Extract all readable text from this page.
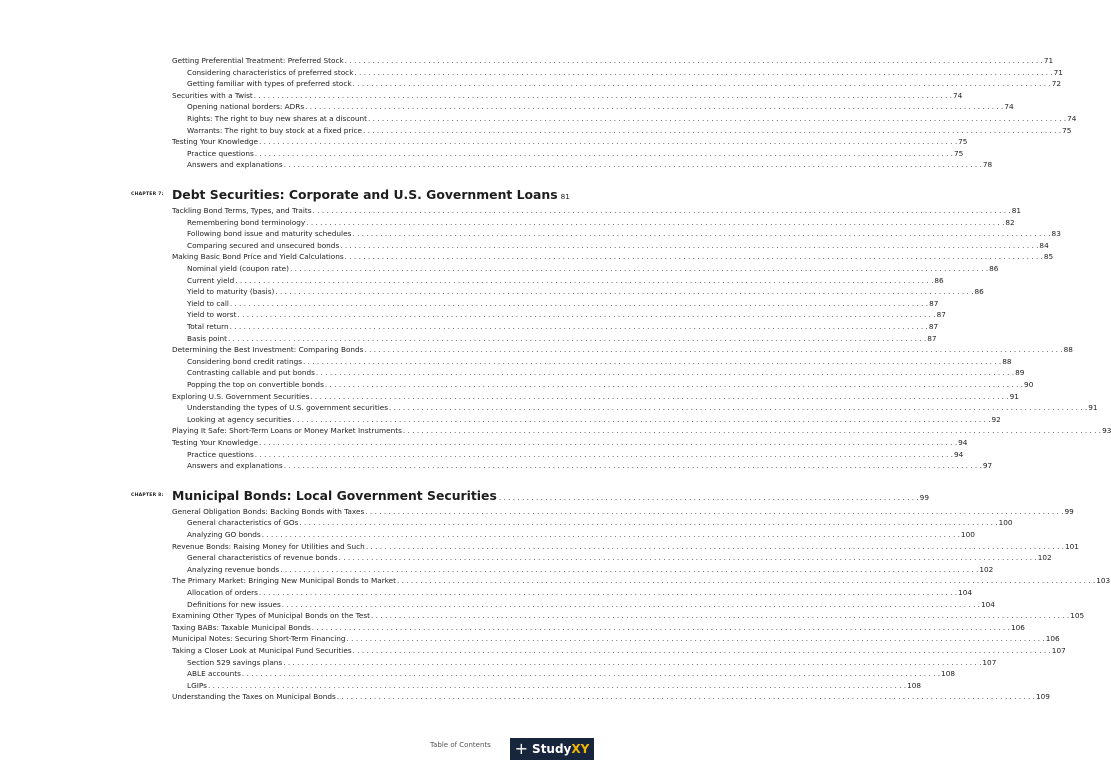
Getting Preferential Treatment: Preferred Stock . . .	71
Considering characteristics of preferred stock . . .	71
Getting familiar with types of preferred stock . . .	72
Securities with a Twist . . .	74
Opening national borders: ADRs . . .	74
Rights: The right to buy new shares at a discount . . .	74
Warrants: The right to buy stock at a fixed price . . .	75
Testing Your Knowledge . . .	75
Practice questions . . .	75
Answers and explanations . . .	78
CHAPTER 7: Debt Securities: Corporate and U.S. Government Loans 81
Tackling Bond Terms, Types, and Traits . . .	81
Remembering bond terminology . . .	82
Following bond issue and maturity schedules . . .	83
Comparing secured and unsecured bonds . . .	84
Making Basic Bond Price and Yield Calculations . . .	85
Nominal yield (coupon rate) . . .	86
Current yield . . .	86
Yield to maturity (basis) . . .	86
Yield to call . . .	87
Yield to worst . . .	87
Total return . . .	87
Basis point . . .	87
Determining the Best Investment: Comparing Bonds . . .	88
Considering bond credit ratings . . .	88
Contrasting callable and put bonds . . .	89
Popping the top on convertible bonds . . .	90
Exploring U.S. Government Securities . . .	91
Understanding the types of U.S. government securities . . .	91
Looking at agency securities . . .	92
Playing It Safe: Short-Term Loans or Money Market Instruments . . .	93
Testing Your Knowledge . . .	94
Practice questions . . .	94
Answers and explanations . . .	97
CHAPTER 8: Municipal Bonds: Local Government Securities . . .	99
General Obligation Bonds: Backing Bonds with Taxes . . .	99
General characteristics of GOs . . .	100
Analyzing GO bonds . . .	100
Revenue Bonds: Raising Money for Utilities and Such . . .	101
General characteristics of revenue bonds . . .	102
Analyzing revenue bonds . . .	102
The Primary Market: Bringing New Municipal Bonds to Market . . .	103
Allocation of orders . . .	104
Definitions for new issues . . .	104
Examining Other Types of Municipal Bonds on the Test . . .	105
Taxing BABs: Taxable Municipal Bonds . . .	106
Municipal Notes: Securing Short-Term Financing . . .	106
Taking a Closer Look at Municipal Fund Securities . . .	107
Section 529 savings plans . . .	107
ABLE accounts . . .	108
LGIPs . . .	108
Understanding the Taxes on Municipal Bonds . . .	109
Table of Contents + Study XY
